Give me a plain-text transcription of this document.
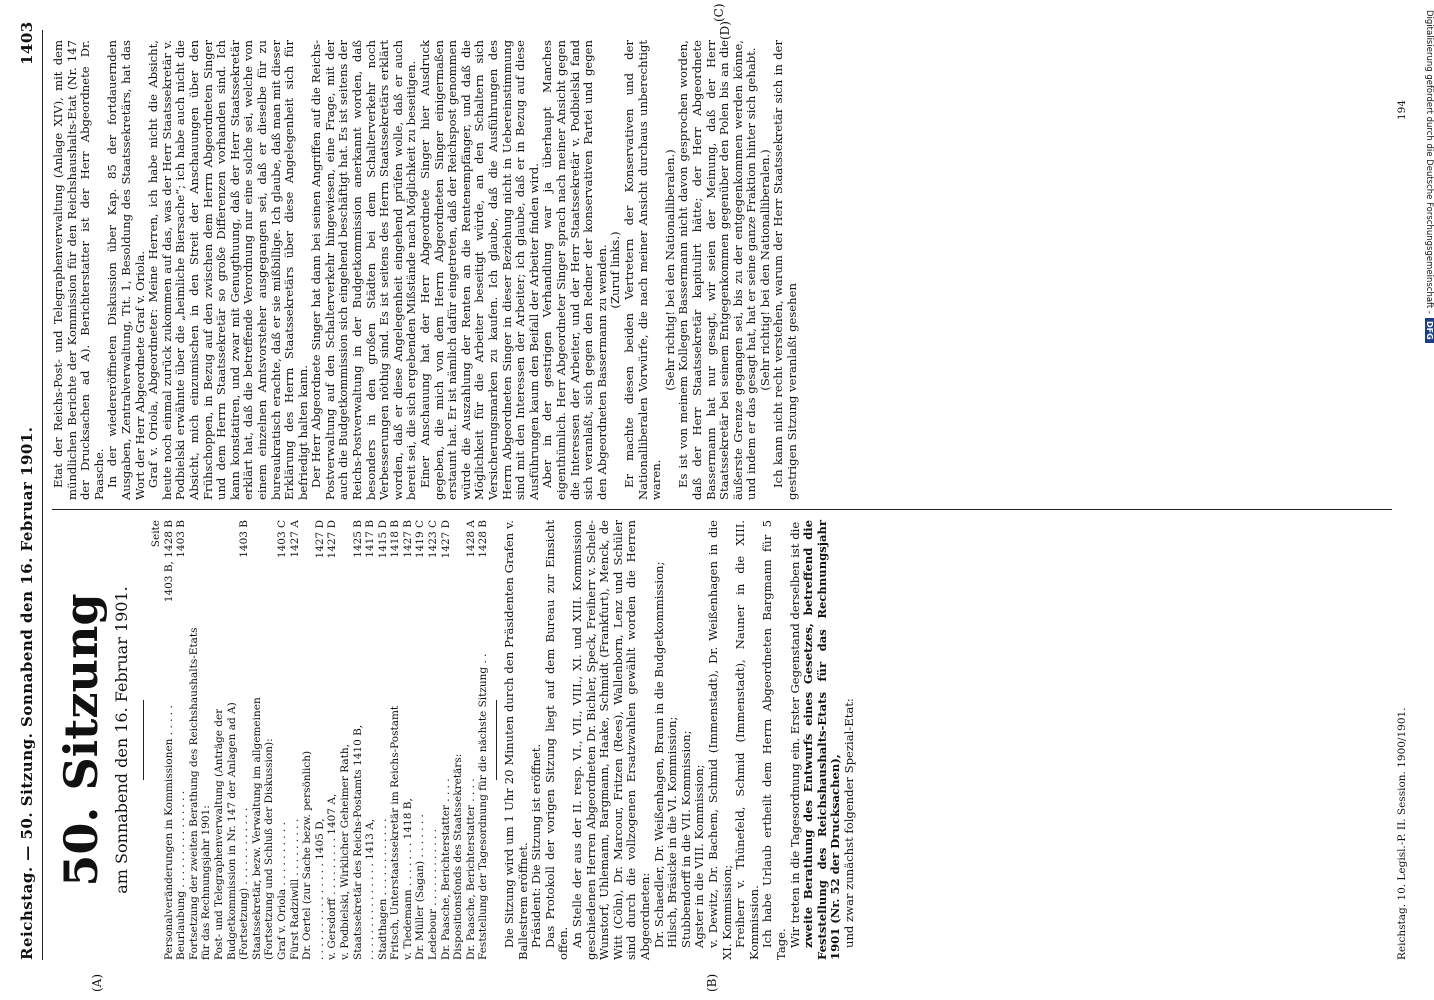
Reichstag. — 50. Sitzung. Sonnabend den 16. Februar 1901.
1403
(A)	(B)
(C)
(D)
50. Sitzung am Sonnabend den 16. Februar 1901.
Seite
Personalveränderungen in Kommissionen . . . . .
1403 B, 1428 B
Beurlaubung . . . . . . . . . . . . . . .
1403 B
Fortsetzung der zweiten Berathung des Reichshaushalts-Etats für das Rechnungsjahr 1901: Post- und Telegraphenverwaltung (Anträge der Budgetkommission in Nr. 147 der Anlagen ad A) (Fortsetzung) . . . . . . . . . . . .
1403 B
Staatssekretär, bezw. Verwaltung im allgemeinen (Fortsetzung und Schluß der Diskussion): Graf v. Oriola . . . . . . . . . .
1403 C
Fürst Radziwill . . . . . . . . .
1427 A
Dr. Oertel (zur Sache bezw. persönlich) . . . . . . . . . . . . . . . 1405 D,
1427 D
v. Gersdorff . . . . . . . . . 1407 A,
1427 D
v. Podbielski, Wirklicher Geheimer Rath, Staatssekretär des Reichs-Postamts 1410 B,
1425 B
. . . . . . . . . . . . . . . 1413 A,
1417 B
Stadthagen . . . . . . . . . . . .
1415 D
Fritsch, Unterstaatssekretär im Reichs-Postamt
1418 B
v. Tiedemann . . . . . . . 1418 B,
1427 B
Dr. Müller (Sagan) . . . . . . .
1419 C
Ledebour . . . . . . . . . . . .
1423 C
Dr. Paasche, Berichterstatter . . . .
1427 D
Dispositionsfonds des Staatssekretärs: Dr. Paasche, Berichterstatter . . . .
1428 A
Feststellung der Tagesordnung für die nächste Sitzung . .
1428 B Die Sitzung wird um 1 Uhr 20 Minuten durch den Präsidenten Grafen v. Ballestrem eröffnet. Präsident: Die Sitzung ist eröffnet. Das Protokoll der vorigen Sitzung liegt auf dem Bureau zur Einsicht offen. An Stelle der aus der II. resp. VI., VII., VIII., XI. und XIII. Kommission geschiedenen Herren Abgeordneten Dr. Bichler, Speck, Freiherr v. Schele-Wunstorf, Uhlemann, Bargmann, Haake, Schmidt (Frankfurt), Menck, de Witt (Cöln), Dr. Marcour, Fritzen (Rees), Wallenborn, Lenz und Schüler sind durch die vollzogenen Ersatzwahlen gewählt worden die Herren Abgeordneten: Dr. Schaedler, Dr. Weißenhagen, Braun in die Budgetkommission; Hilsch, Bräsicke in die VI. Kommission; Stubbendorff in die VII. Kommission; Agster in die VIII. Kommission; v. Dewitz, Dr. Bachem, Schmid (Immenstadt), Dr. Weißenhagen in die XI. Kommission; Freiherr v. Thünefeld, Schmid (Immenstadt), Nauner in die XIII. Kommission. Ich habe Urlaub ertheilt dem Herrn Abgeordneten Bargmann für 5 Tage. Wir treten in die Tagesordnung ein. Erster Gegenstand derselben ist die zweite Berathung des Entwurfs eines Gesetzes, betreffend die Feststellung des Reichshaushalts-Etats für das Rechnungsjahr 1901 (Nr. 52 der Drucksachen), und zwar zunächst folgender Spezial-Etat:

Etat der Reichs-Post- und Telegraphenverwaltung (Anlage XIV), mit dem mündlichen Berichte der Kommission für den Reichshaushalts-Etat (Nr. 147 der Drucksachen ad A). Berichterstatter ist der Herr Abgeordnete Dr. Paasche. In der wiedereröffneten Diskussion über Kap. 85 der fortdauernden Ausgaben, Zentralverwaltung, Tit. 1, Besoldung des Staatssekretärs, hat das Wort der Herr Abgeordnete Graf v. Oriola. Graf v. Oriola, Abgeordneter: Meine Herren, ich habe nicht die Absicht, heute noch einmal zurück zukommen auf das, was der Herr Staatssekretär v. Podbielski erwähnte über die „heimliche Biersache“; ich habe auch nicht die Absicht, mich einzumischen in den Streit der Anschauungen über den Frühschoppen, in Bezug auf den zwischen dem Herrn Abgeordneten Singer und dem Herrn Staatssekretär so große Differenzen vorhanden sind. Ich kann konstatiren, und zwar mit Genugthuung, daß der Herr Staatssekretär erklärt hat, daß die betreffende Verordnung nur eine solche sei, welche von einem einzelnen Amtsvorsteher ausgegangen sei, daß er dieselbe für zu bureaukratisch erachte, daß er sie mißbillige. Ich glaube, daß man mit dieser Erklärung des Herrn Staatssekretärs über diese Angelegenheit sich für befriedigt halten kann. Der Herr Abgeordnete Singer hat dann bei seinen Angriffen auf die Reichs-Postverwaltung auf den Schalterverkehr hingewiesen, eine Frage, mit der auch die Budgetkommission sich eingehend beschäftigt hat. Es ist seitens der Reichs-Postverwaltung in der Budgetkommission anerkannt worden, daß besonders in den großen Städten bei dem Schalterverkehr noch Verbesserungen nöthig sind. Es ist seitens des Herrn Staatssekretärs erklärt worden, daß er diese Angelegenheit eingehend prüfen wolle, daß er auch bereit sei, die sich ergebenden Mißstände nach Möglichkeit zu beseitigen. Einer Anschauung hat der Herr Abgeordnete Singer hier Ausdruck gegeben, die mich von dem Herrn Abgeordneten Singer einigermaßen erstaunt hat. Er ist nämlich dafür eingetreten, daß der Reichspost genommen würde die Auszahlung der Renten an die Rentenempfänger, und daß die Möglichkeit für die Arbeiter beseitigt würde, an den Schaltern sich Versicherungsmarken zu kaufen. Ich glaube, daß die Ausführungen des Herrn Abgeordneten Singer in dieser Beziehung nicht in Uebereinstimmung sind mit den Interessen der Arbeiter; ich glaube, daß er in Bezug auf diese Ausführungen kaum den Beifall der Arbeiter finden wird. Aber in der gestrigen Verhandlung war ja überhaupt Manches eigenthümlich. Herr Abgeordneter Singer sprach nach meiner Ansicht gegen die Interessen der Arbeiter, und der Herr Staatssekretär v. Podbielski fand sich veranlaßt, sich gegen den Redner der konservativen Partei und gegen den Abgeordneten Bassermann zu wenden. (Zuruf links.) Er machte diesen beiden Vertretern der Konservativen und der Nationalliberalen Vorwürfe, die nach meiner Ansicht durchaus unberechtigt waren.

(Sehr richtig! bei den Nationalliberalen.) Es ist von meinem Kollegen Bassermann nicht davon gesprochen worden, daß der Herr Staatssekretär kapitulirt hätte; der Herr Abgeordnete Bassermann hat nur gesagt, wir seien der Meinung, daß der Herr Staatssekretär bei seinem Entgegenkommen gegenüber den Polen bis an die äußerste Grenze gegangen sei, bis zu der entgegenkommen werden könne, und indem er das gesagt hat, hat er seine ganze Fraktion hinter sich gehabt. (Sehr richtig! bei den Nationalliberalen.) Ich kann nicht recht verstehen, warum der Herr Staatssekretär sich in der gestrigen Sitzung veranlaßt gesehen

Reichstag. 10. Legisl.-P. II. Session. 1900/1901.
194 Digitalisierung gefördert durch die Deutsche Forschungsgemeinschaft -DFG
